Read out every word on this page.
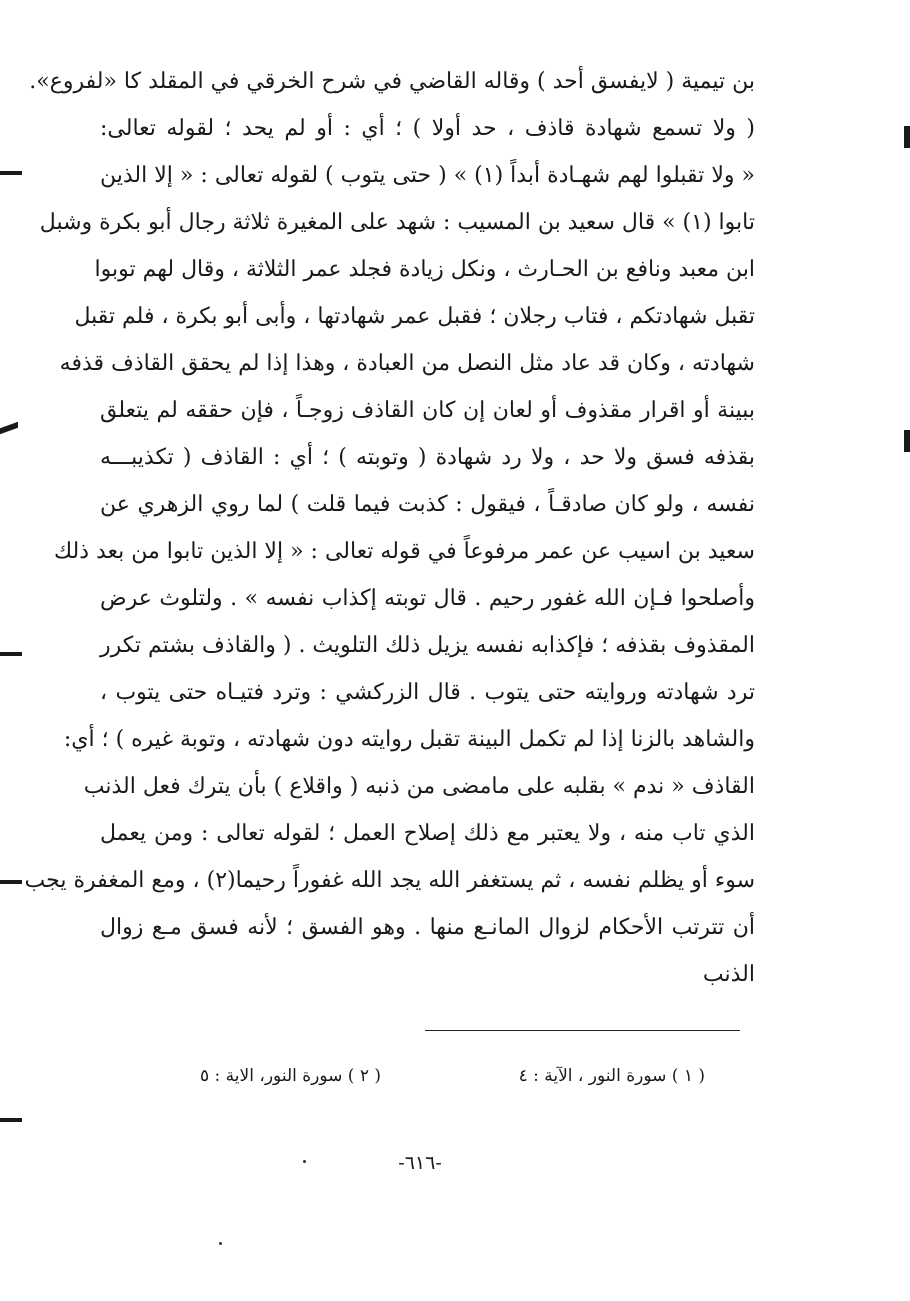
بن تيمية ( لايفسق أحد ) وقاله القاضي في شرح الخرقي في المقلد كا «لفروع».
( ولا تسمع شهادة قاذف ، حد أولا ) ؛ أي : أو لم يحد ؛ لقوله تعالى:
« ولا تقبلوا لهم شهـادة أبداً (١) » ( حتى يتوب ) لقوله تعالى : « إلا الذين
تابوا (١) » قال سعيد بن المسيب : شهد على المغيرة ثلاثة رجال أبو بكرة وشبل
ابن معبد ونافع بن الحـارث ، ونكل زيادة فجلد عمر الثلاثة ، وقال لهم توبوا
تقبل شهادتكم ، فتاب رجلان ؛ فقبل عمر شهادتها ، وأبى أبو بكرة ، فلم تقبل
شهادته ، وكان قد عاد مثل النصل من العبادة ، وهذا إذا لم يحقق القاذف قذفه
ببينة أو اقرار مقذوف أو لعان إن كان القاذف زوجـاً ، فإن حققه لم يتعلق
بقذفه فسق ولا حد ، ولا رد شهادة ( وتوبته ) ؛ أي : القاذف ( تكذيبـــه
نفسه ، ولو كان صادقـاً ، فيقول : كذبت فيما قلت ) لما روي الزهري عن
سعيد بن اسيب عن عمر مرفوعاً في قوله تعالى : « إلا الذين تابوا من بعد ذلك
وأصلحوا فـإن الله غفور رحيم . قال توبته إكذاب نفسه » . ولتلوث عرض
المقذوف بقذفه ؛ فإكذابه نفسه يزيل ذلك التلويث . ( والقاذف بشتم تكرر
ترد شهادته وروايته حتى يتوب . قال الزركشي : وترد فتيـاه حتى يتوب ،
والشاهد بالزنا إذا لم تكمل البينة تقبل روايته دون شهادته ، وتوبة غيره ) ؛ أي:
القاذف « ندم » بقلبه على مامضى من ذنبه ( واقلاع ) بأن يترك فعل الذنب
الذي تاب منه ، ولا يعتبر مع ذلك إصلاح العمل ؛ لقوله تعالى : ومن يعمل
سوء أو يظلم نفسه ، ثم يستغفر الله يجد الله غفوراً رحيما(٢) ، ومع المغفرة يجب
أن تترتب الأحكام لزوال المانـع منها . وهو الفسق ؛ لأنه فسق مـع زوال
الذنب
( ١ ) سورة النور ، الآية : ٤
( ٢ ) سورة النور، الاية : ٥
-٦١٦-
